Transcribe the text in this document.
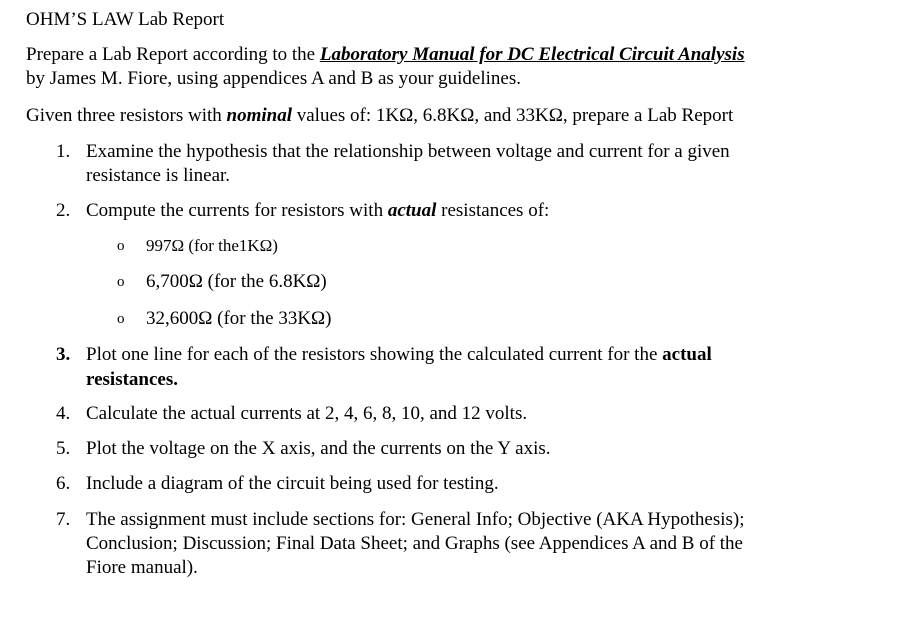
OHM’S LAW Lab Report
Prepare a Lab Report according to the Laboratory Manual for DC Electrical Circuit Analysis
by James M. Fiore, using appendices A and B as your guidelines.
Given three resistors with nominal values of: 1KΩ, 6.8KΩ, and 33KΩ, prepare a Lab Report
1. Examine the hypothesis that the relationship between voltage and current for a given
resistance is linear.
2. Compute the currents for resistors with actual resistances of:
o 997Ω (for the1KΩ)
o 6,700Ω (for the 6.8KΩ)
o 32,600Ω (for the 33KΩ)
3. Plot one line for each of the resistors showing the calculated current for the actual
resistances.
4. Calculate the actual currents at 2, 4, 6, 8, 10, and 12 volts.
5. Plot the voltage on the X axis, and the currents on the Y axis.
6. Include a diagram of the circuit being used for testing.
7. The assignment must include sections for: General Info; Objective (AKA Hypothesis);
Conclusion; Discussion; Final Data Sheet; and Graphs (see Appendices A and B of the
Fiore manual).
